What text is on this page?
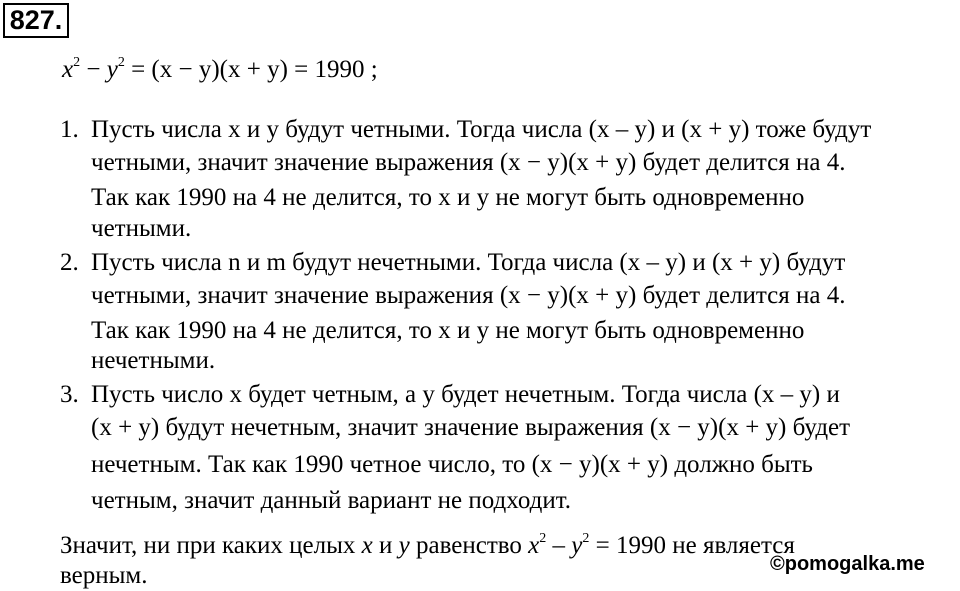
827.
$x^2 - y^2 = (x - y)(x + y) = 1990$ ;
1. Пусть числа x и y будут четными. Тогда числа (x – y) и (x + y) тоже будут
четными, значит значение выражения (x − y)(x + y) будет делится на 4.
Так как 1990 на 4 не делится, то x и y не могут быть одновременно
четными.
2. Пусть числа n и m будут нечетными. Тогда числа (x – y) и (x + y) будут
четными, значит значение выражения (x − y)(x + y) будет делится на 4.
Так как 1990 на 4 не делится, то x и y не могут быть одновременно
нечетными.
3. Пусть число x будет четным, а y будет нечетным. Тогда числа (x – y) и
(x + y) будут нечетным, значит значение выражения (x − y)(x + y) будет
нечетным. Так как 1990 четное число, то (x − y)(x + y) должно быть
четным, значит данный вариант не подходит.
Значит, ни при каких целых x и y равенство $x^2 - y^2 = 1990$ не является
верным.	©pomogalka.me
